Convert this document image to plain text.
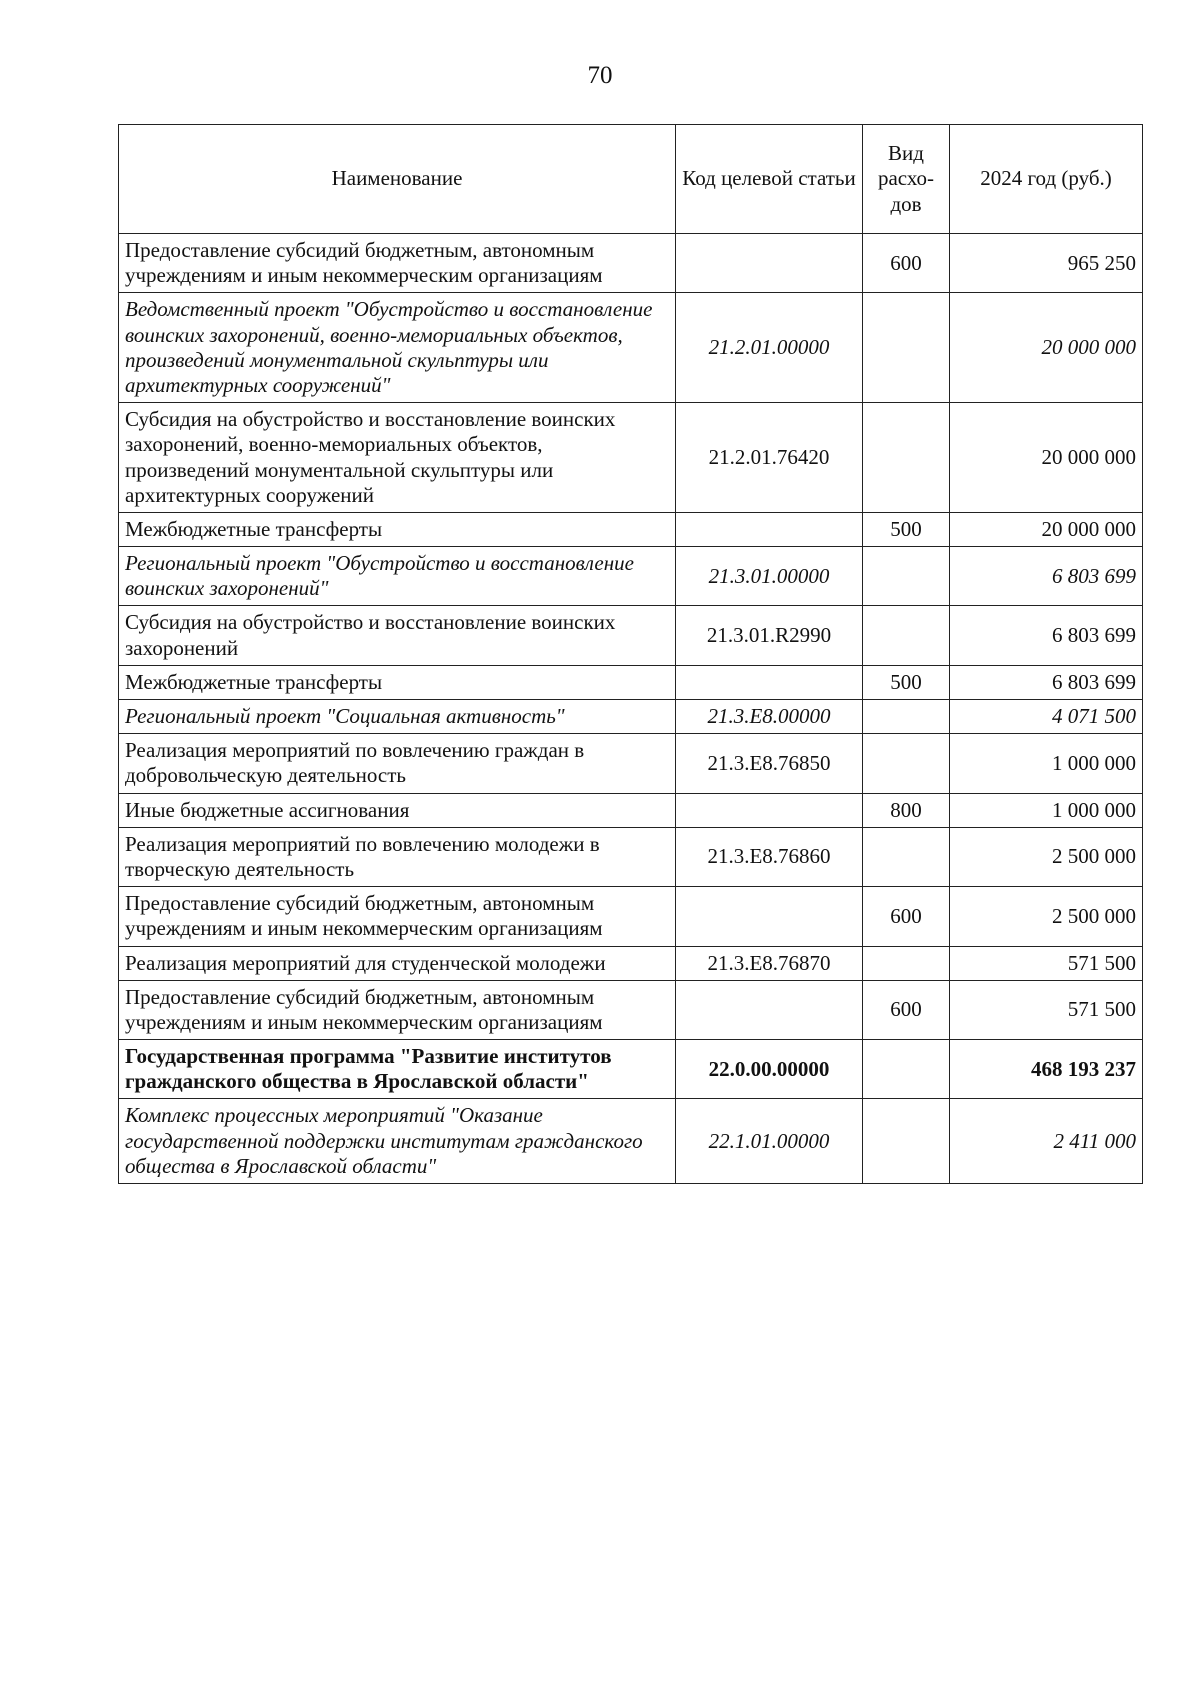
70
Наименование	Код целевой статьи	Вид расхо-дов	2024 год (руб.)
Предоставление субсидий бюджетным, автономным учреждениям и иным некоммерческим организациям		600	965 250
Ведомственный проект "Обустройство и восстановление воинских захоронений, военно-мемориальных объектов, произведений монументальной скульптуры или архитектурных сооружений"	21.2.01.00000		20 000 000
Субсидия на обустройство и восстановление воинских захоронений, военно-мемориальных объектов, произведений монументальной скульптуры или архитектурных сооружений	21.2.01.76420		20 000 000
Межбюджетные трансферты		500	20 000 000
Региональный проект "Обустройство и восстановление воинских захоронений"	21.3.01.00000		6 803 699
Субсидия на обустройство и восстановление воинских захоронений	21.3.01.R2990		6 803 699
Межбюджетные трансферты		500	6 803 699
Региональный проект "Социальная активность"	21.3.E8.00000		4 071 500
Реализация мероприятий по вовлечению граждан в добровольческую деятельность	21.3.E8.76850		1 000 000
Иные бюджетные ассигнования		800	1 000 000
Реализация мероприятий по вовлечению молодежи в творческую деятельность	21.3.E8.76860		2 500 000
Предоставление субсидий бюджетным, автономным учреждениям и иным некоммерческим организациям		600	2 500 000
Реализация мероприятий для студенческой молодежи	21.3.E8.76870		571 500
Предоставление субсидий бюджетным, автономным учреждениям и иным некоммерческим организациям		600	571 500
Государственная программа "Развитие институтов гражданского общества в Ярославской области"	22.0.00.00000		468 193 237
Комплекс процессных мероприятий "Оказание государственной поддержки институтам гражданского общества в Ярославской области"	22.1.01.00000		2 411 000
